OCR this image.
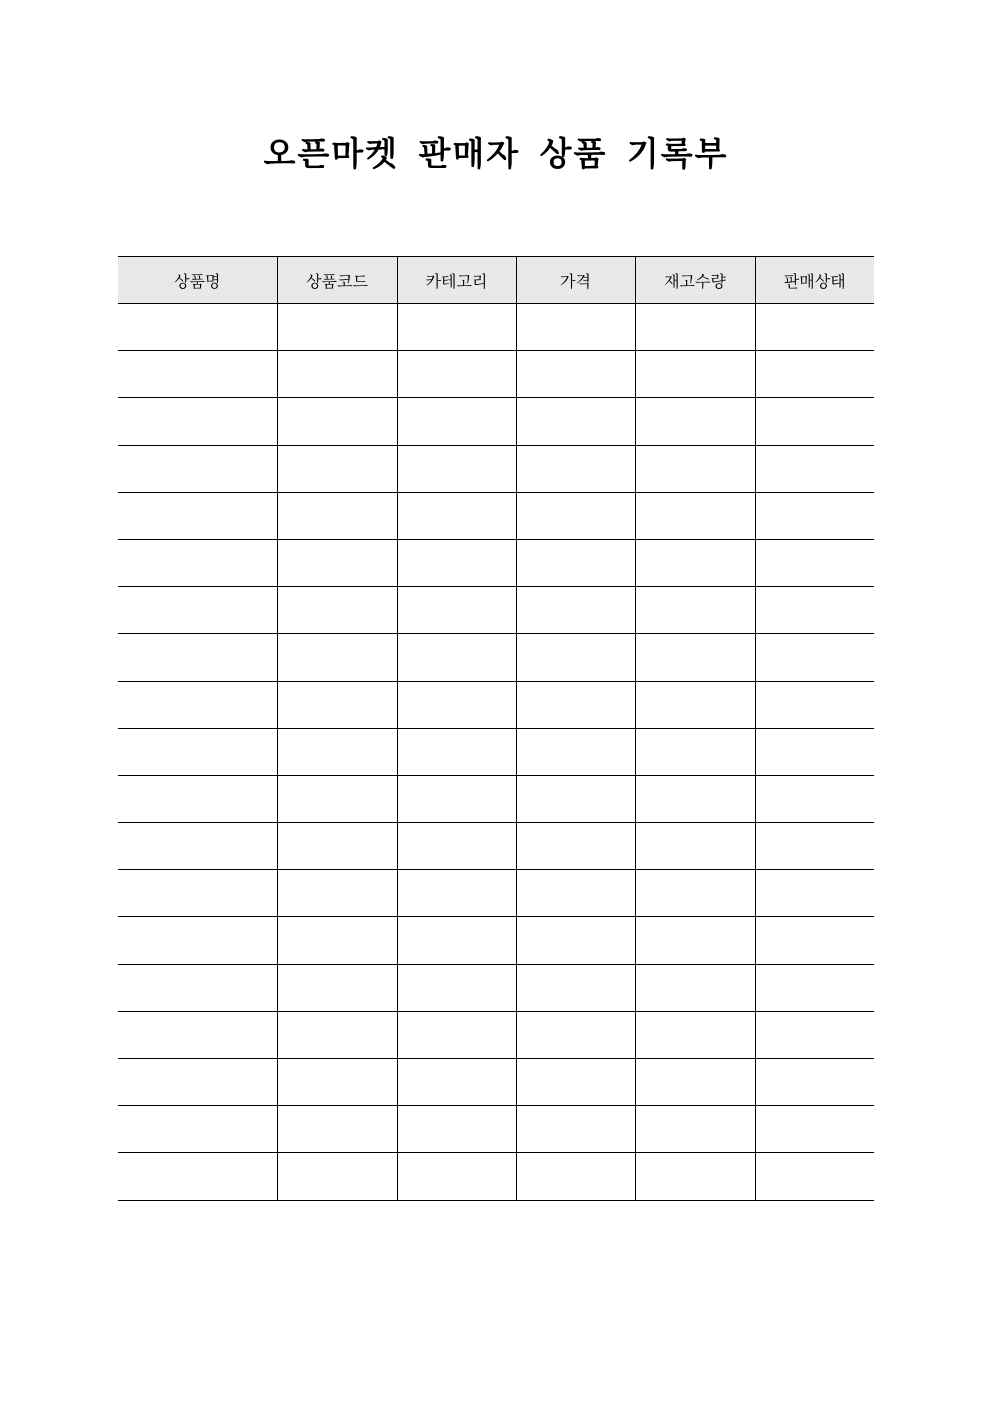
오픈마켓 판매자 상품 기록부
상품명	상품코드	카테고리	가격	재고수량	판매상태
